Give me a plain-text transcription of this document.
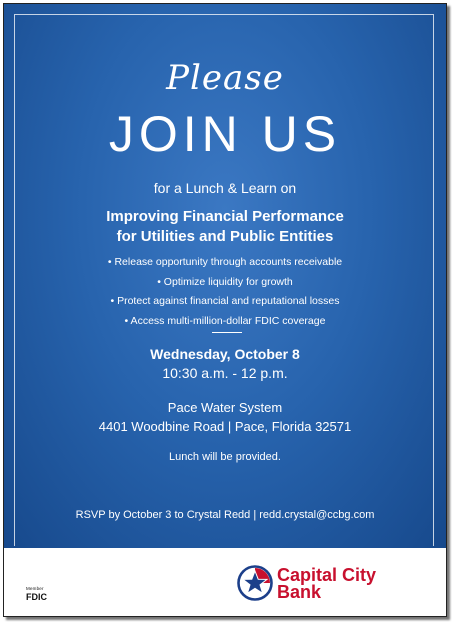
Please
JOIN US
for a Lunch & Learn on
Improving Financial Performance
for Utilities and Public Entities
• Release opportunity through accounts receivable
• Optimize liquidity for growth
• Protect against financial and reputational losses
• Access multi-million-dollar FDIC coverage
Wednesday, October 8
10:30 a.m. - 12 p.m.
Pace Water System
4401 Woodbine Road | Pace, Florida 32571
Lunch will be provided.
RSVP by October 3 to Crystal Redd | redd.crystal@ccbg.com
Member
FDIC
Capital City
Bank
